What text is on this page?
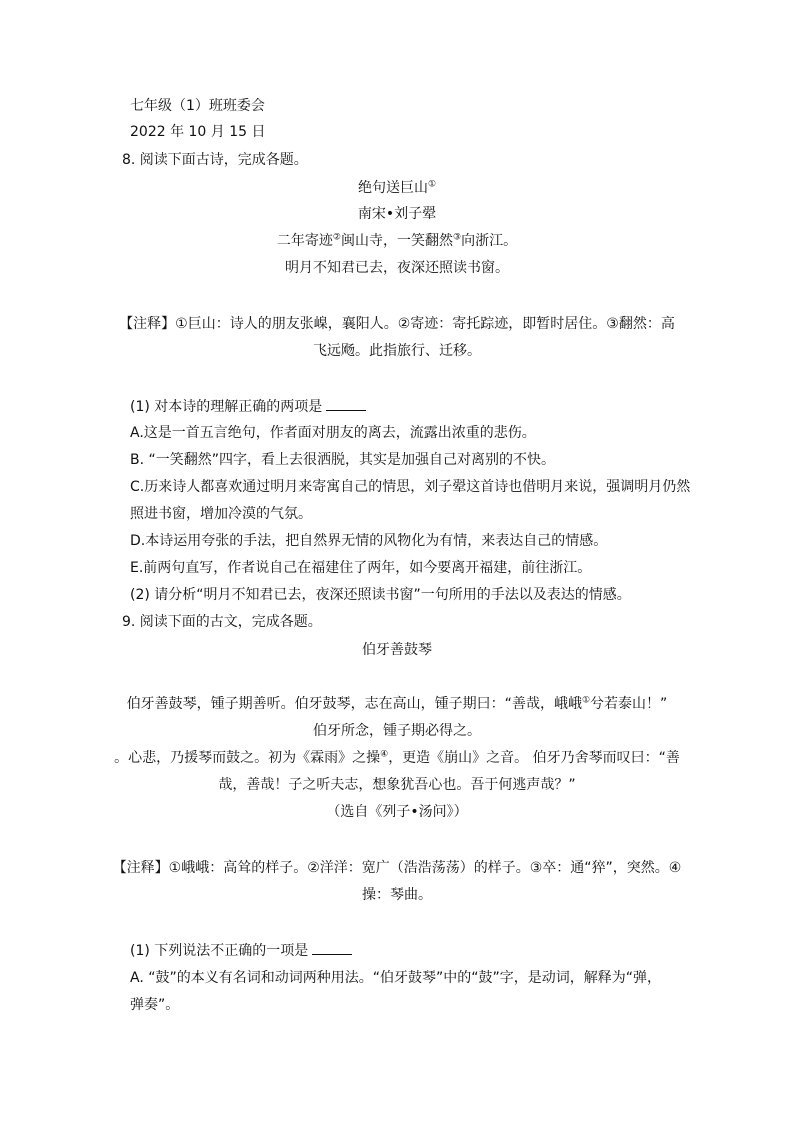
七年级（1）班班委会
2022 年 10 月 15 日
8. 阅读下面古诗，完成各题。
绝句送巨山①
南宋•刘子翚
二年寄迹②闽山寺，一笑翻然③向浙江。
明月不知君已去，夜深还照读书窗。
【注释】①巨山：诗人的朋友张嵲，襄阳人。②寄迹：寄托踪迹，即暂时居住。③翻然：高
飞远飏。此指旅行、迁移。
(1) 对本诗的理解正确的两项是
A.这是一首五言绝句，作者面对朋友的离去，流露出浓重的悲伤。
B. “一笑翻然”四字，看上去很洒脱，其实是加强自己对离别的不快。
C.历来诗人都喜欢通过明月来寄寓自己的情思，刘子翚这首诗也借明月来说，强调明月仍然
照进书窗，增加冷漠的气氛。
D.本诗运用夸张的手法，把自然界无情的风物化为有情，来表达自己的情感。
E.前两句直写，作者说自己在福建住了两年，如今要离开福建，前往浙江。
(2) 请分析“明月不知君已去，夜深还照读书窗”一句所用的手法以及表达的情感。
9. 阅读下面的古文，完成各题。
伯牙善鼓琴
伯牙善鼓琴，锺子期善听。伯牙鼓琴，志在高山，锺子期曰：“善哉，峨峨①兮若泰山！”
伯牙所念，锺子期必得之。
。心悲，乃援琴而鼓之。初为《霖雨》之操④，更造《崩山》之音。 伯牙乃舍琴而叹曰：“善
哉，善哉！子之听夫志，想象犹吾心也。吾于何逃声哉？”
（选自《列子•汤问》）
【注释】①峨峨：高耸的样子。②洋洋：宽广（浩浩荡荡）的样子。③卒：通“猝”，突然。④
操：琴曲。
(1) 下列说法不正确的一项是
A. “鼓”的本义有名词和动词两种用法。“伯牙鼓琴”中的“鼓”字，是动词，解释为“弹，
弹奏”。
